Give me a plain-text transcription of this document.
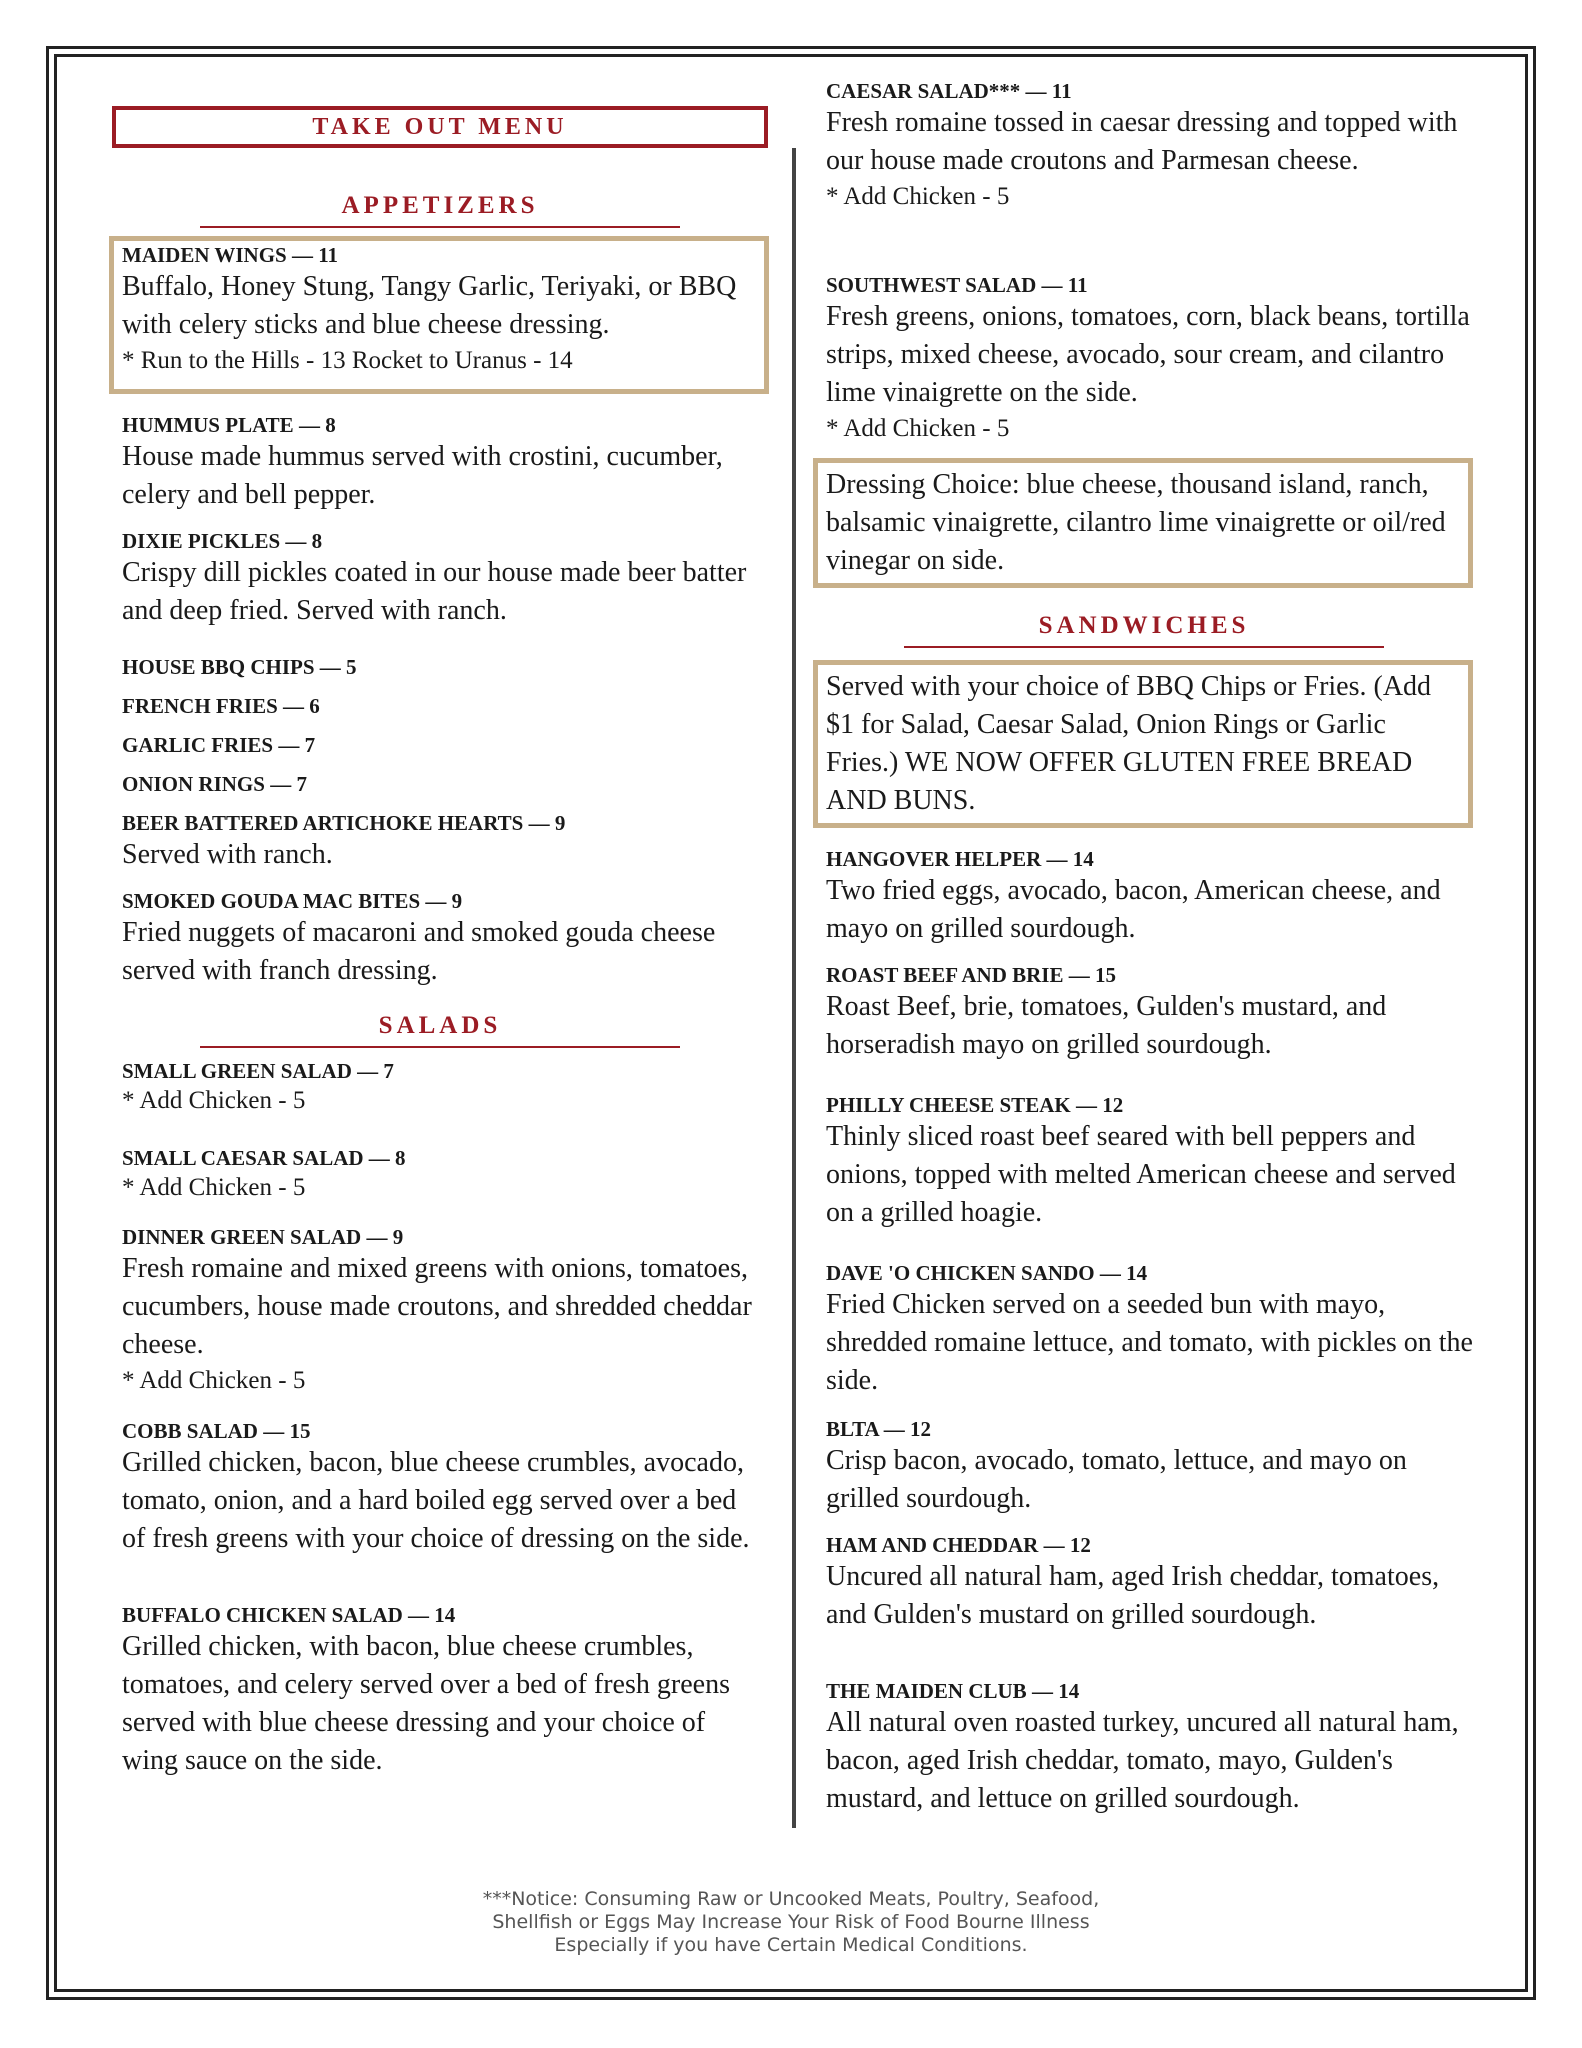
TAKE OUT MENU
APPETIZERS
MAIDEN WINGS — 11
Buffalo, Honey Stung, Tangy Garlic, Teriyaki, or BBQ with celery sticks and blue cheese dressing.
* Run to the Hills - 13 Rocket to Uranus - 14
HUMMUS PLATE — 8
House made hummus served with crostini, cucumber, celery and bell pepper.
DIXIE PICKLES — 8
Crispy dill pickles coated in our house made beer batter and deep fried. Served with ranch.
HOUSE BBQ CHIPS — 5
FRENCH FRIES — 6
GARLIC FRIES — 7
ONION RINGS — 7
BEER BATTERED ARTICHOKE HEARTS — 9
Served with ranch.
SMOKED GOUDA MAC BITES — 9
Fried nuggets of macaroni and smoked gouda cheese served with franch dressing.
SALADS
SMALL GREEN SALAD — 7
* Add Chicken - 5
SMALL CAESAR SALAD — 8
* Add Chicken - 5
DINNER GREEN SALAD — 9
Fresh romaine and mixed greens with onions, tomatoes, cucumbers, house made croutons, and shredded cheddar cheese.
* Add Chicken - 5
COBB SALAD — 15
Grilled chicken, bacon, blue cheese crumbles, avocado, tomato, onion, and a hard boiled egg served over a bed of fresh greens with your choice of dressing on the side.
BUFFALO CHICKEN SALAD — 14
Grilled chicken, with bacon, blue cheese crumbles, tomatoes, and celery served over a bed of fresh greens served with blue cheese dressing and your choice of wing sauce on the side.
CAESAR SALAD*** — 11
Fresh romaine tossed in caesar dressing and topped with our house made croutons and Parmesan cheese.
* Add Chicken - 5
SOUTHWEST SALAD — 11
Fresh greens, onions, tomatoes, corn, black beans, tortilla strips, mixed cheese, avocado, sour cream, and cilantro lime vinaigrette on the side.
* Add Chicken - 5
Dressing Choice: blue cheese, thousand island, ranch, balsamic vinaigrette, cilantro lime vinaigrette or oil/red vinegar on side.
SANDWICHES
Served with your choice of BBQ Chips or Fries. (Add $1 for Salad, Caesar Salad, Onion Rings or Garlic Fries.) WE NOW OFFER GLUTEN FREE BREAD AND BUNS.
HANGOVER HELPER — 14
Two fried eggs, avocado, bacon, American cheese, and mayo on grilled sourdough.
ROAST BEEF AND BRIE — 15
Roast Beef, brie, tomatoes, Gulden's mustard, and horseradish mayo on grilled sourdough.
PHILLY CHEESE STEAK — 12
Thinly sliced roast beef seared with bell peppers and onions, topped with melted American cheese and served on a grilled hoagie.
DAVE 'O CHICKEN SANDO — 14
Fried Chicken served on a seeded bun with mayo, shredded romaine lettuce, and tomato, with pickles on the side.
BLTA — 12
Crisp bacon, avocado, tomato, lettuce, and mayo on grilled sourdough.
HAM AND CHEDDAR — 12
Uncured all natural ham, aged Irish cheddar, tomatoes, and Gulden's mustard on grilled sourdough.
THE MAIDEN CLUB — 14
All natural oven roasted turkey, uncured all natural ham, bacon, aged Irish cheddar, tomato, mayo, Gulden's mustard, and lettuce on grilled sourdough.
***Notice: Consuming Raw or Uncooked Meats, Poultry, Seafood,
Shellfish or Eggs May Increase Your Risk of Food Bourne Illness
Especially if you have Certain Medical Conditions.
